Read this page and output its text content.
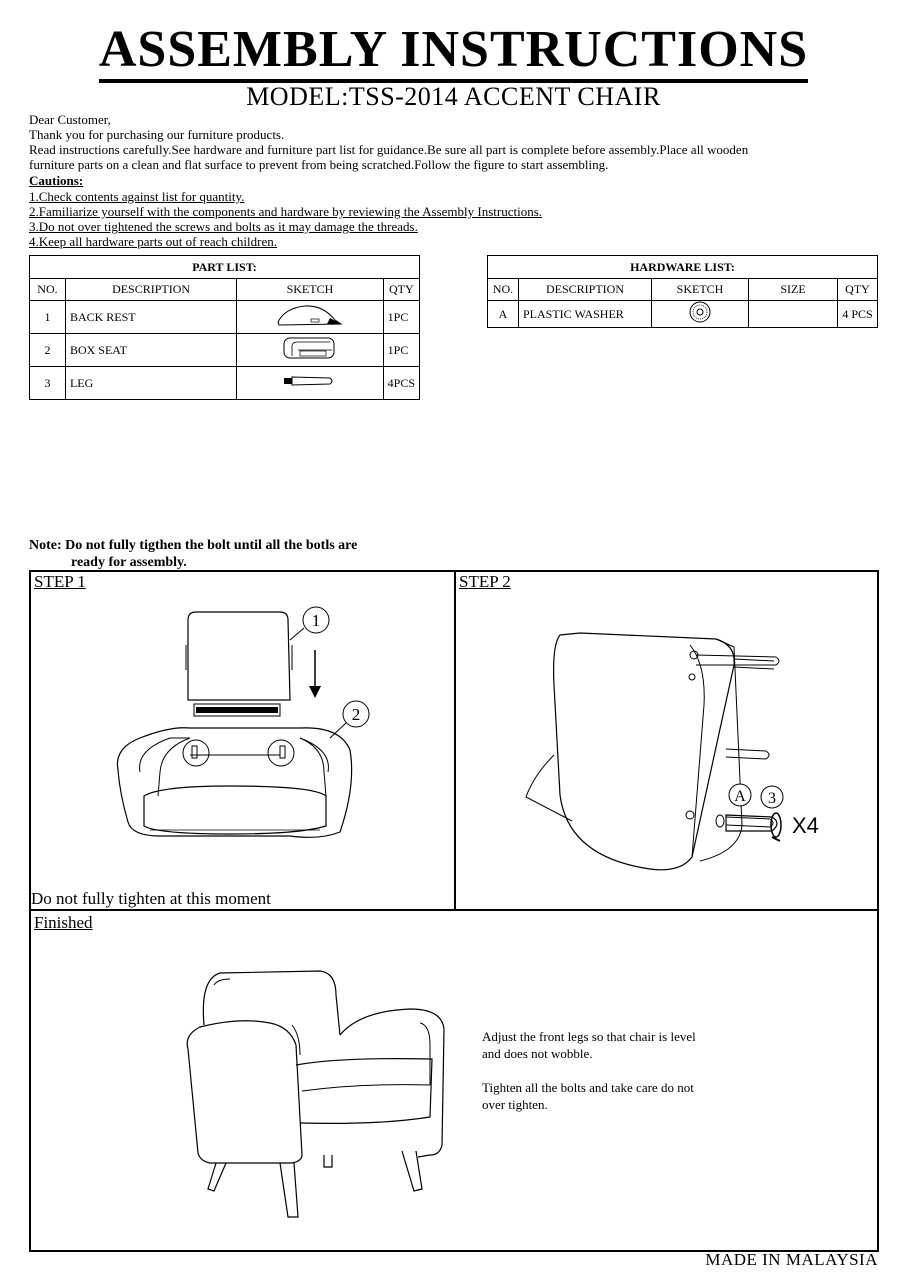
ASSEMBLY INSTRUCTIONS
MODEL:TSS-2014 ACCENT CHAIR
Dear Customer,
Thank you for purchasing our furniture products.
Read instructions carefully.See hardware and furniture part list for guidance.Be sure all part is complete before assembly.Place all wooden
furniture parts on a clean and flat surface to prevent from being scratched.Follow the figure to start assembling.
Cautions:
1.Check contents against list for quantity.
2.Familiarize yourself with the components and hardware by reviewing the Assembly Instructions.
3.Do not over tightened the screws and bolts as it may damage the threads.
4.Keep all hardware parts out of reach children.
PART LIST:			
NO.	DESCRIPTION	SKETCH	QTY
1	BACK REST		1PC
2	BOX SEAT		1PC
3	LEG		4PCS
HARDWARE LIST:				
NO.	DESCRIPTION	SKETCH	SIZE	QTY
A	PLASTIC WASHER			4 PCS
Note: Do not fully tigthen the bolt until all the botls are
ready for assembly.
STEP 1
1
2
Do not fully tighten at this moment
STEP 2
A 3
X4
Finished
Adjust the front legs so that chair is level
and does not wobble.
Tighten all the bolts and take care do not
over tighten.
MADE IN MALAYSIA
